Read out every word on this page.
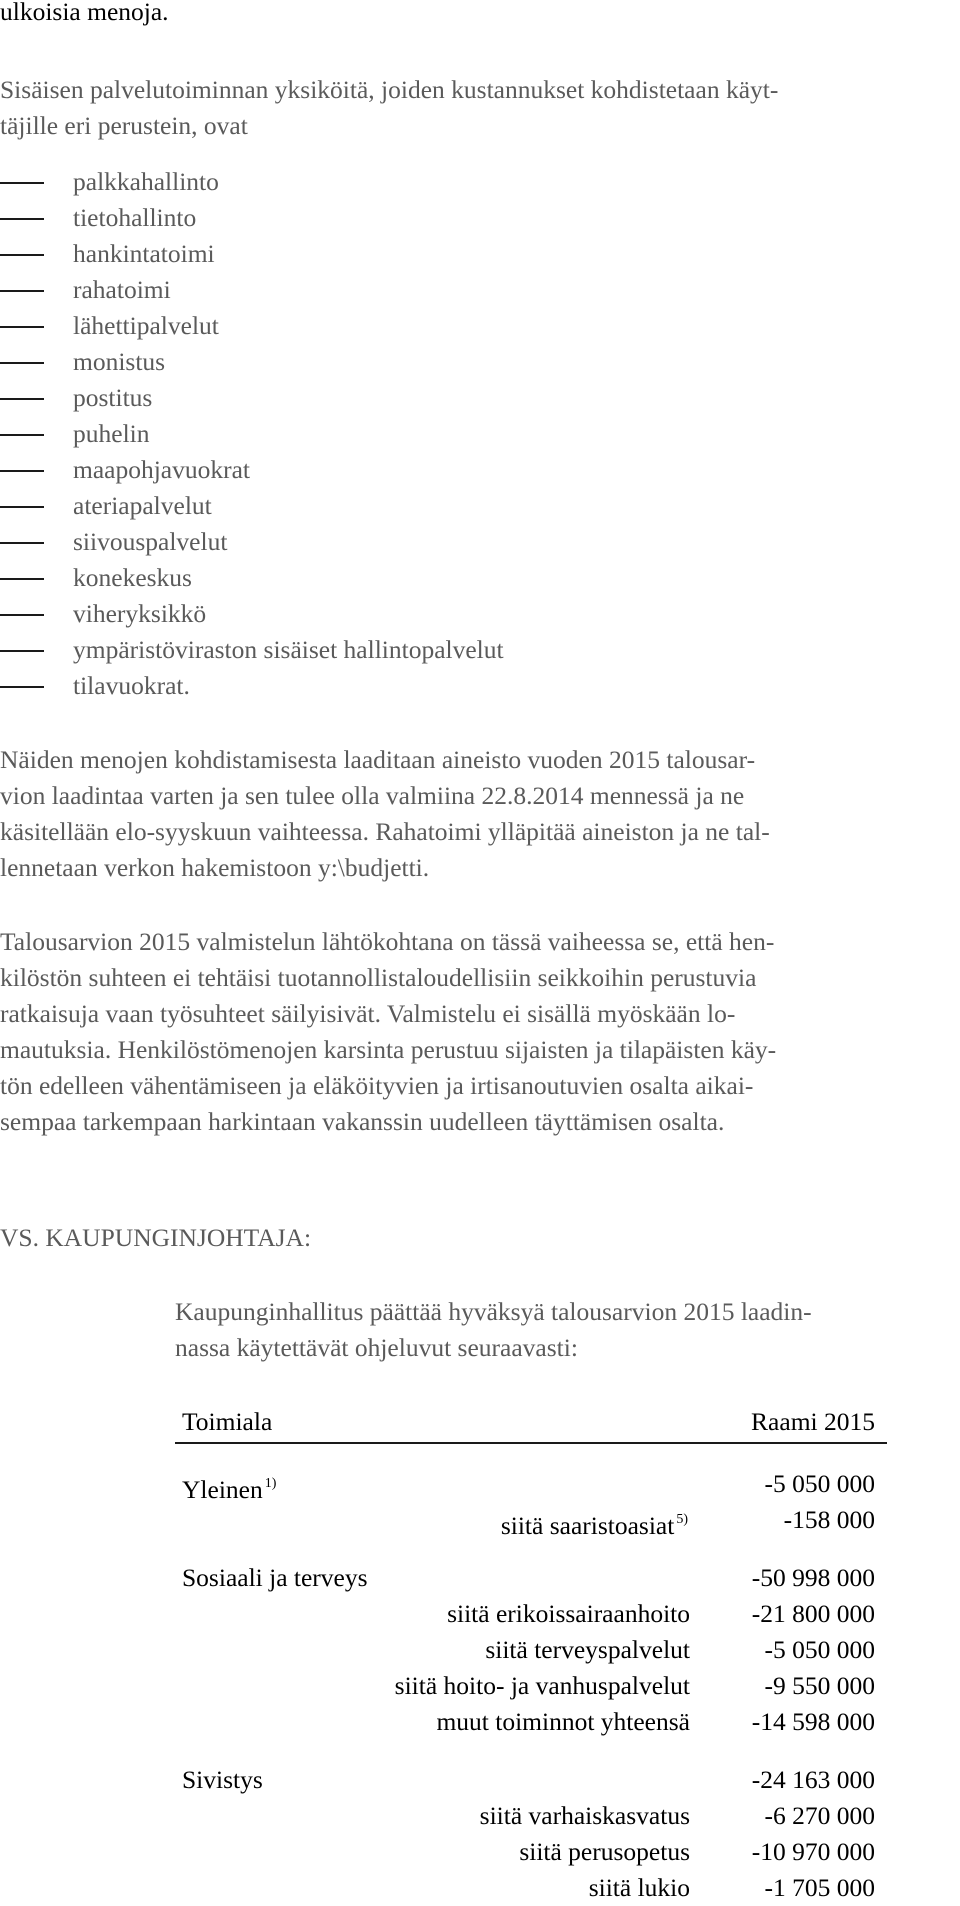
ulkoisia menoja.
Sisäisen palvelutoiminnan yksiköitä, joiden kustannukset kohdistetaan käyt-
täjille eri perustein, ovat
palkkahallinto
tietohallinto
hankintatoimi
rahatoimi
lähettipalvelut
monistus
postitus
puhelin
maapohjavuokrat
ateriapalvelut
siivouspalvelut
konekeskus
viheryksikkö
ympäristöviraston sisäiset hallintopalvelut
tilavuokrat.
Näiden menojen kohdistamisesta laaditaan aineisto vuoden 2015 talousar-
vion laadintaa varten ja sen tulee olla valmiina 22.8.2014 mennessä ja ne
käsitellään elo-syyskuun vaihteessa. Rahatoimi ylläpitää aineiston ja ne tal-
lennetaan verkon hakemistoon y:\budjetti.
Talousarvion 2015 valmistelun lähtökohtana on tässä vaiheessa se, että hen-
kilöstön suhteen ei tehtäisi tuotannollistaloudellisiin seikkoihin perustuvia
ratkaisuja vaan työsuhteet säilyisivät. Valmistelu ei sisällä myöskään lo-
mautuksia. Henkilöstömenojen karsinta perustuu sijaisten ja tilapäisten käy-
tön edelleen vähentämiseen ja eläköityvien ja irtisanoutuvien osalta aikai-
sempaa tarkempaan harkintaan vakanssin uudelleen täyttämisen osalta.
VS. KAUPUNGINJOHTAJA:
Kaupunginhallitus päättää hyväksyä talousarvion 2015 laadin-
nassa käytettävät ohjeluvut seuraavasti:
Toimiala	Raami 2015
Yleinen $^{1)}$	-5 050 000
siitä saaristoasiat $^{5)}$	-158 000
Sosiaali ja terveys	-50 998 000
siitä erikoissairaanhoito	-21 800 000
siitä terveyspalvelut	-5 050 000
siitä hoito- ja vanhuspalvelut	-9 550 000
muut toiminnot yhteensä	-14 598 000
Sivistys	-24 163 000
siitä varhaiskasvatus	-6 270 000
siitä perusopetus	-10 970 000
siitä lukio	-1 705 000
